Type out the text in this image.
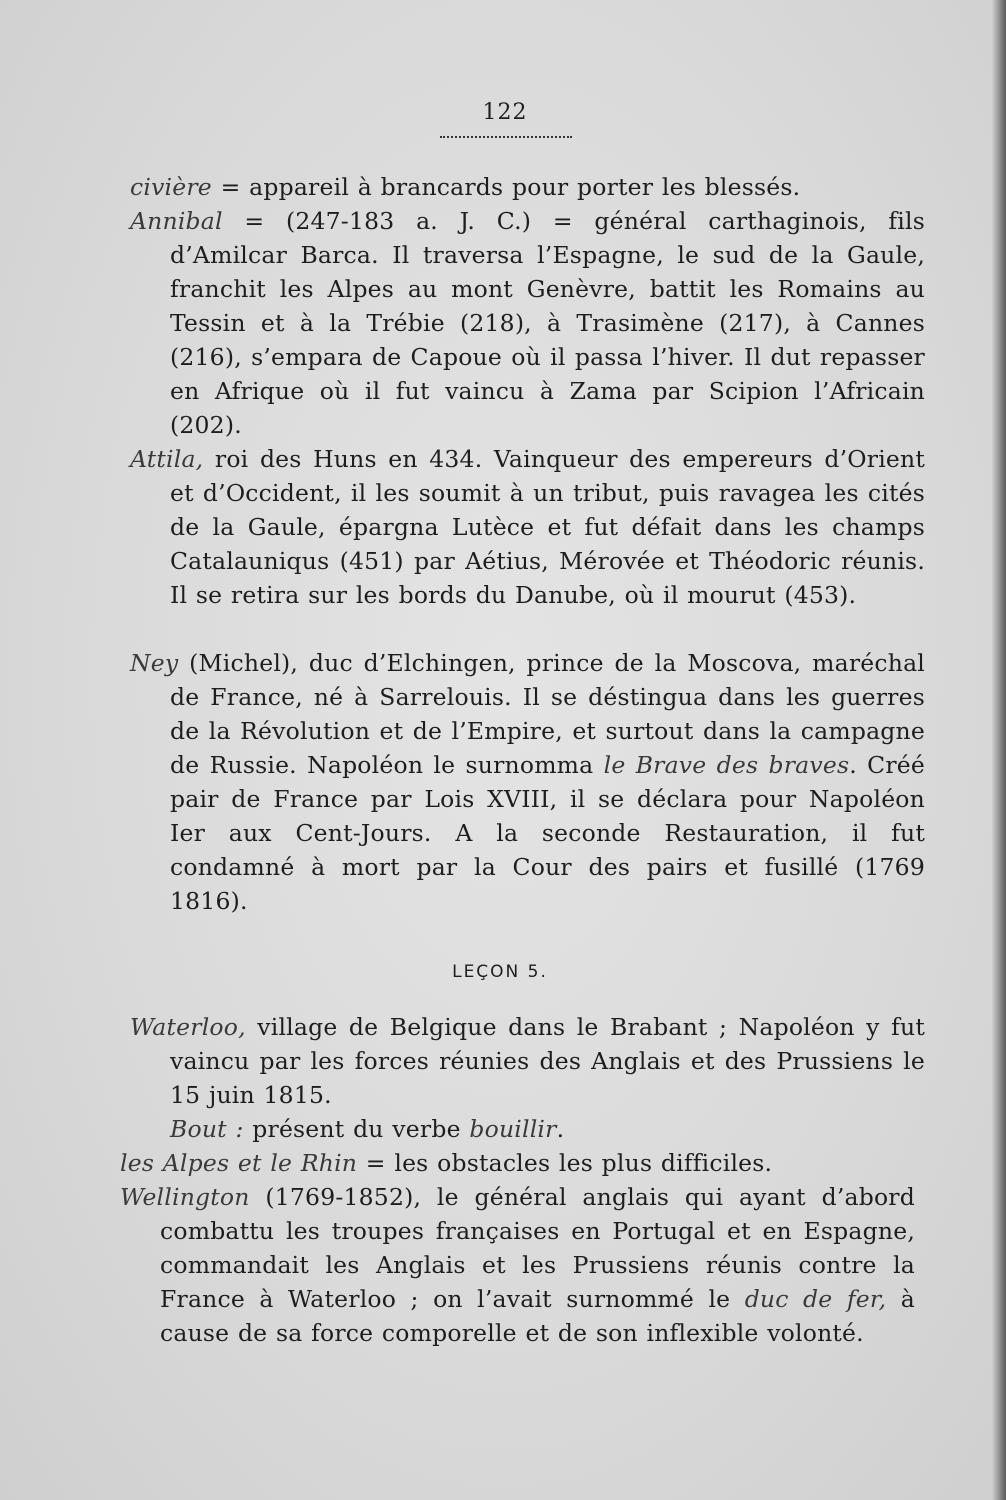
122
civière = appareil à brancards pour porter les blessés.
Annibal = (247-183 a. J. C.) = général carthaginois, fils d’Amilcar Barca. Il traversa l’Espagne, le sud de la Gaule, franchit les Alpes au mont Genèvre, battit les Romains au Tessin et à la Trébie (218), à Trasimène (217), à Cannes (216), s’empara de Capoue où il passa l’hiver. Il dut repasser en Afrique où il fut vaincu à Zama par Scipion l’Africain (202).
Attila, roi des Huns en 434. Vainqueur des empereurs d’Orient et d’Occident, il les soumit à un tribut, puis ravagea les cités de la Gaule, épargna Lutèce et fut défait dans les champs Catalauniqus (451) par Aétius, Mérovée et Théodoric réunis. Il se retira sur les bords du Danube, où il mourut (453).
Ney (Michel), duc d’Elchingen, prince de la Moscova, maréchal de France, né à Sarrelouis. Il se déstingua dans les guerres de la Révolution et de l’Empire, et surtout dans la campagne de Russie. Napoléon le surnomma le Brave des braves. Créé pair de France par Lois XVIII, il se déclara pour Napoléon Ier aux Cent-Jours. A la seconde Restauration, il fut condamné à mort par la Cour des pairs et fusillé (1769 1816).
LEÇON 5.
Waterloo, village de Belgique dans le Brabant ; Napoléon y fut vaincu par les forces réunies des Anglais et des Prussiens le 15 juin 1815.
Bout : présent du verbe bouillir.
les Alpes et le Rhin = les obstacles les plus difficiles.
Wellington (1769-1852), le général anglais qui ayant d’abord combattu les troupes françaises en Portugal et en Espagne, commandait les Anglais et les Prussiens réunis contre la France à Waterloo ; on l’avait surnommé le duc de fer, à cause de sa force comporelle et de son inflexible volonté.
